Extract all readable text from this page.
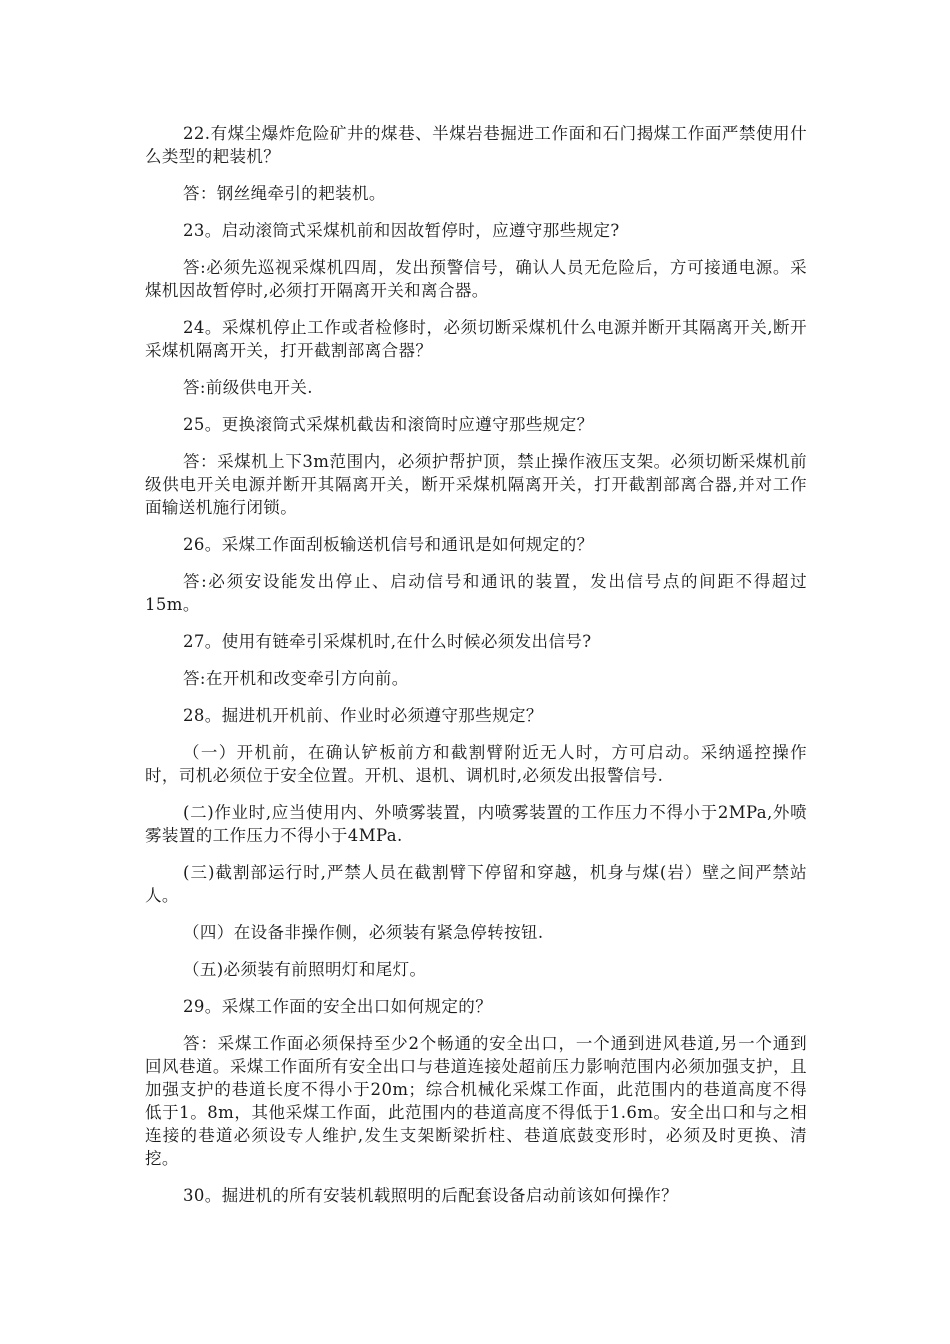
22.有煤尘爆炸危险矿井的煤巷、半煤岩巷掘进工作面和石门揭煤工作面严禁使用什么类型的耙装机？

答：钢丝绳牵引的耙装机。

23。启动滚筒式采煤机前和因故暂停时，应遵守那些规定?

答:必须先巡视采煤机四周，发出预警信号，确认人员无危险后，方可接通电源。采煤机因故暂停时,必须打开隔离开关和离合器。

24。采煤机停止工作或者检修时，必须切断采煤机什么电源并断开其隔离开关,断开采煤机隔离开关，打开截割部离合器？

答:前级供电开关.

25。更换滚筒式采煤机截齿和滚筒时应遵守那些规定？

答：采煤机上下3m范围内，必须护帮护顶，禁止操作液压支架。必须切断采煤机前级供电开关电源并断开其隔离开关，断开采煤机隔离开关，打开截割部离合器,并对工作面输送机施行闭锁。

26。采煤工作面刮板输送机信号和通讯是如何规定的？

答:必须安设能发出停止、启动信号和通讯的装置，发出信号点的间距不得超过15m。

27。使用有链牵引采煤机时,在什么时候必须发出信号?

答:在开机和改变牵引方向前。

28。掘进机开机前、作业时必须遵守那些规定？

（一）开机前，在确认铲板前方和截割臂附近无人时，方可启动。采纳遥控操作时，司机必须位于安全位置。开机、退机、调机时,必须发出报警信号.

(二)作业时,应当使用内、外喷雾装置，内喷雾装置的工作压力不得小于2MPa,外喷雾装置的工作压力不得小于4MPa.

(三)截割部运行时,严禁人员在截割臂下停留和穿越，机身与煤(岩）壁之间严禁站人。

（四）在设备非操作侧，必须装有紧急停转按钮.

（五)必须装有前照明灯和尾灯。

29。采煤工作面的安全出口如何规定的？

答：采煤工作面必须保持至少2个畅通的安全出口，一个通到进风巷道,另一个通到回风巷道。采煤工作面所有安全出口与巷道连接处超前压力影响范围内必须加强支护，且加强支护的巷道长度不得小于20m；综合机械化采煤工作面，此范围内的巷道高度不得低于1。8m，其他采煤工作面，此范围内的巷道高度不得低于1.6m。安全出口和与之相连接的巷道必须设专人维护,发生支架断梁折柱、巷道底鼓变形时，必须及时更换、清挖。

30。掘进机的所有安装机载照明的后配套设备启动前该如何操作？
